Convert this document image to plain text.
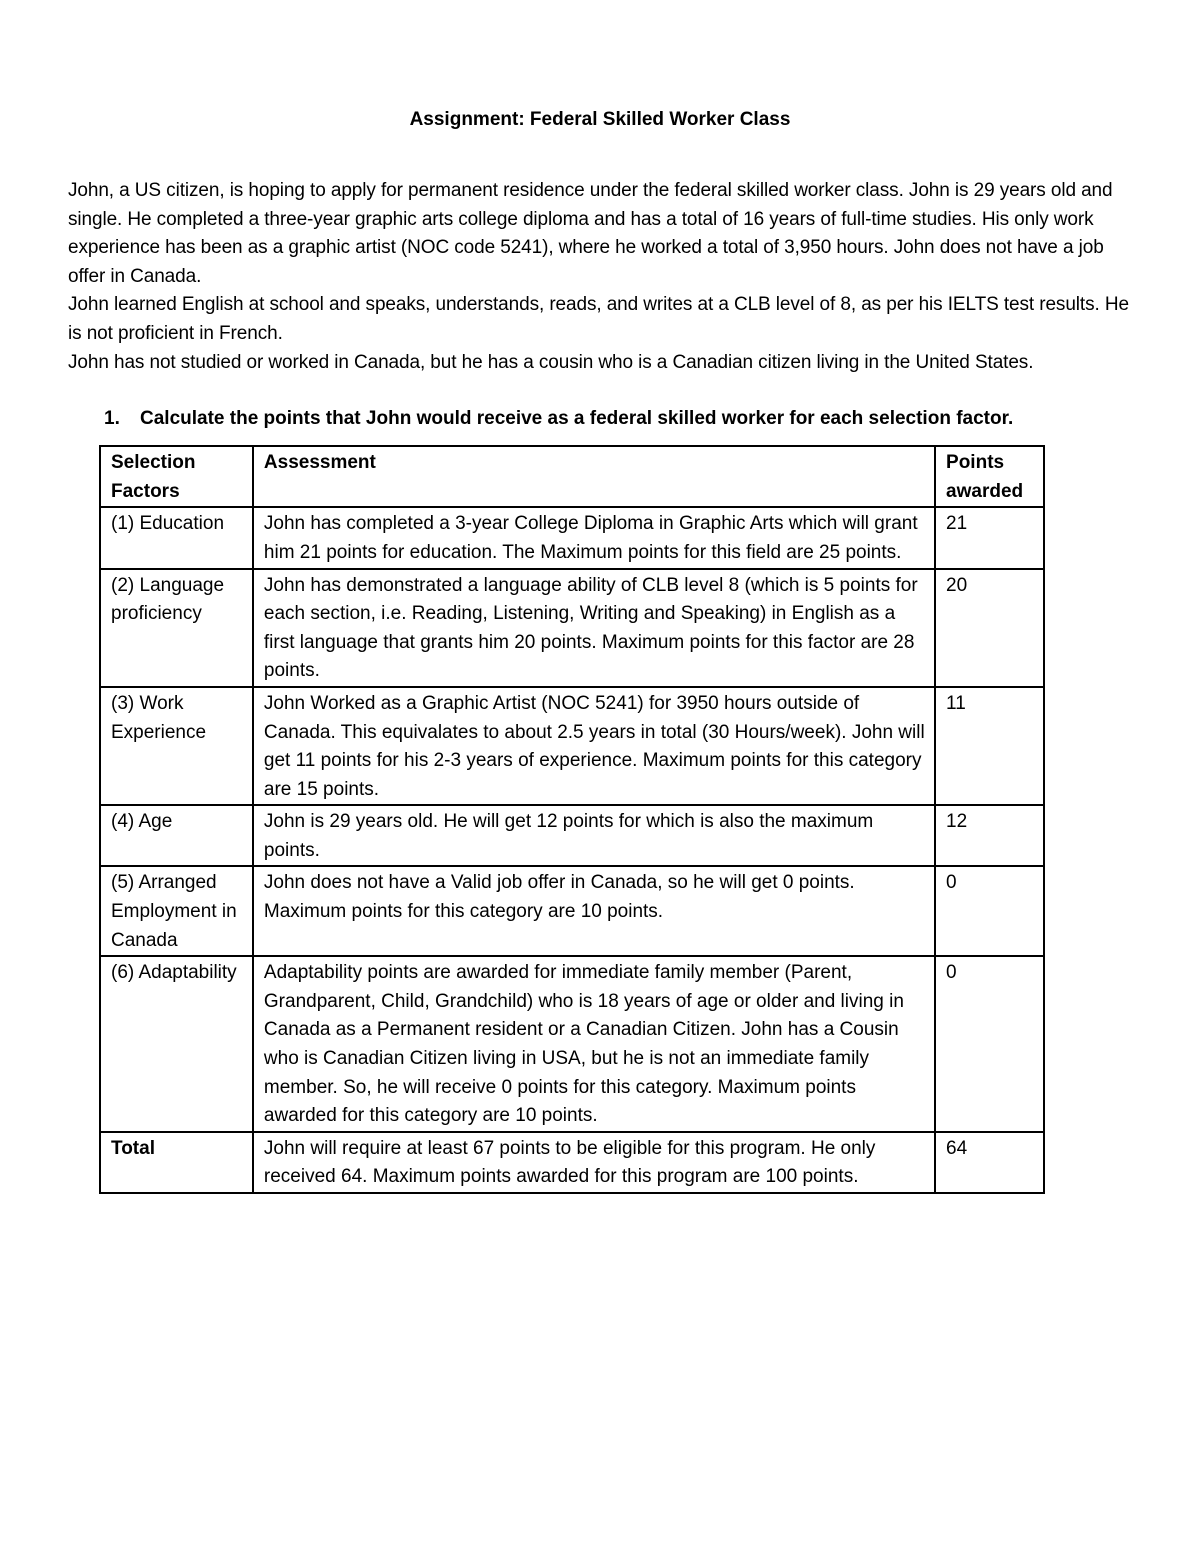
Assignment: Federal Skilled Worker Class

John, a US citizen, is hoping to apply for permanent residence under the federal skilled worker class. John is 29 years old and single. He completed a three-year graphic arts college diploma and has a total of 16 years of full-time studies. His only work experience has been as a graphic artist (NOC code 5241), where he worked a total of 3,950 hours. John does not have a job offer in Canada.

John learned English at school and speaks, understands, reads, and writes at a CLB level of 8, as per his IELTS test results. He is not proficient in French.

John has not studied or worked in Canada, but he has a cousin who is a Canadian citizen living in the United States.

1.	Calculate the points that John would receive as a federal skilled worker for each selection factor.
Selection Factors	Assessment	Points awarded
(1) Education	John has completed a 3-year College Diploma in Graphic Arts which will grant him 21 points for education. The Maximum points for this field are 25 points.	21
(2) Language proficiency	John has demonstrated a language ability of CLB level 8 (which is 5 points for each section, i.e. Reading, Listening, Writing and Speaking) in English as a first language that grants him 20 points. Maximum points for this factor are 28 points.	20
(3) Work Experience	John Worked as a Graphic Artist (NOC 5241) for 3950 hours outside of Canada. This equivalates to about 2.5 years in total (30 Hours/week). John will get 11 points for his 2-3 years of experience. Maximum points for this category are 15 points.	11
(4) Age	John is 29 years old. He will get 12 points for which is also the maximum points.	12
(5) Arranged Employment in Canada	John does not have a Valid job offer in Canada, so he will get 0 points. Maximum points for this category are 10 points.	0
(6) Adaptability	Adaptability points are awarded for immediate family member (Parent, Grandparent, Child, Grandchild) who is 18 years of age or older and living in Canada as a Permanent resident or a Canadian Citizen. John has a Cousin who is Canadian Citizen living in USA, but he is not an immediate family member. So, he will receive 0 points for this category. Maximum points awarded for this category are 10 points.	0
Total	John will require at least 67 points to be eligible for this program. He only received 64. Maximum points awarded for this program are 100 points.	64
